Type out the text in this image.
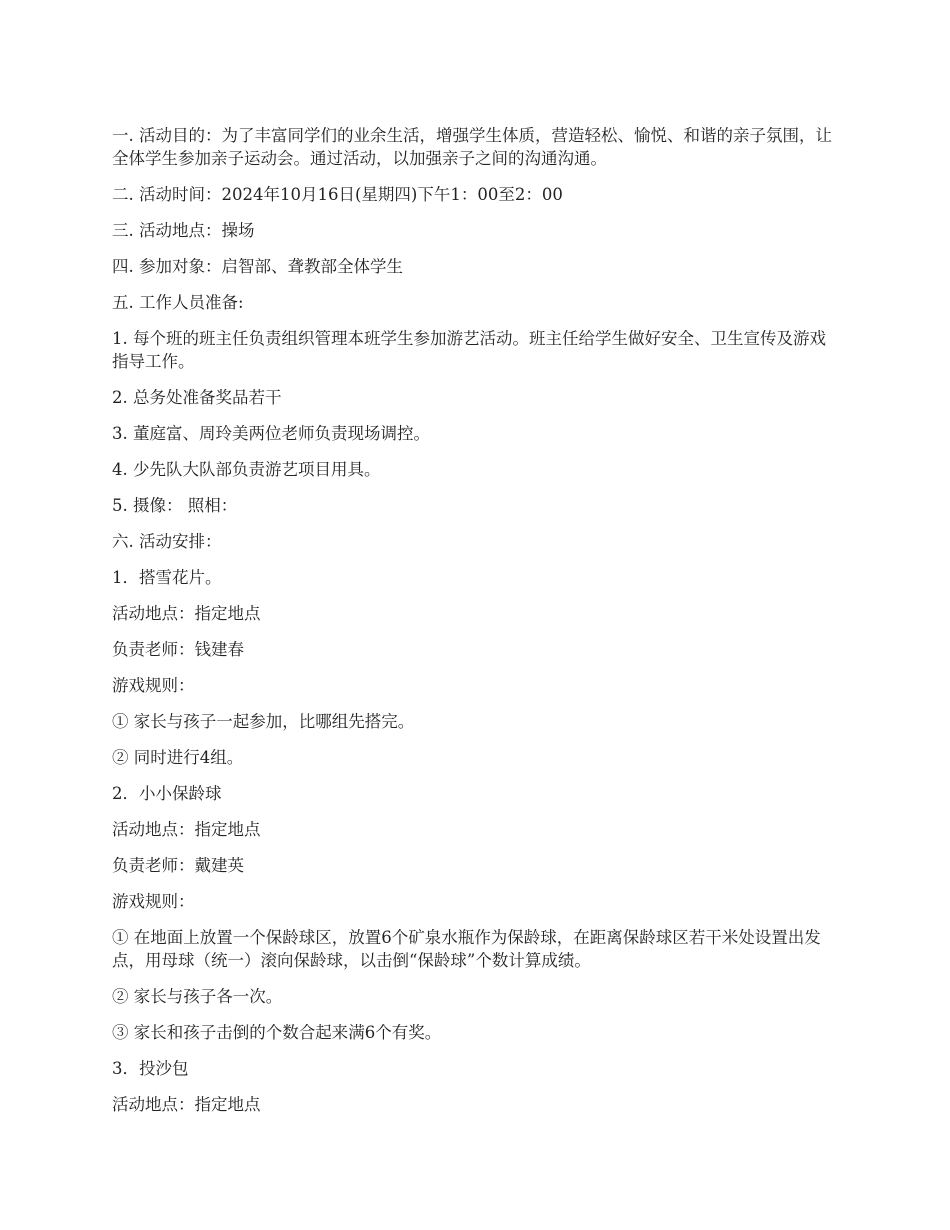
一. 活动目的：为了丰富同学们的业余生活，增强学生体质，营造轻松、愉悦、和谐的亲子氛围，让全体学生参加亲子运动会。通过活动，以加强亲子之间的沟通沟通。

二. 活动时间：2024年10月16日(星期四)下午1：00至2：00

三. 活动地点：操场

四. 参加对象：启智部、聋教部全体学生

五. 工作人员准备:

1. 每个班的班主任负责组织管理本班学生参加游艺活动。班主任给学生做好安全、卫生宣传及游戏指导工作。

2. 总务处准备奖品若干

3. 董庭富、周玲美两位老师负责现场调控。

4. 少先队大队部负责游艺项目用具。

5. 摄像： 照相：

六. 活动安排：

1．搭雪花片。

活动地点：指定地点

负责老师：钱建春

游戏规则：

① 家长与孩子一起参加，比哪组先搭完。

② 同时进行4组。

2．小小保龄球

活动地点：指定地点

负责老师：戴建英

游戏规则：

① 在地面上放置一个保龄球区，放置6个矿泉水瓶作为保龄球，在距离保龄球区若干米处设置出发点，用母球（统一）滚向保龄球，以击倒“保龄球”个数计算成绩。

② 家长与孩子各一次。

③ 家长和孩子击倒的个数合起来满6个有奖。

3．投沙包

活动地点：指定地点
